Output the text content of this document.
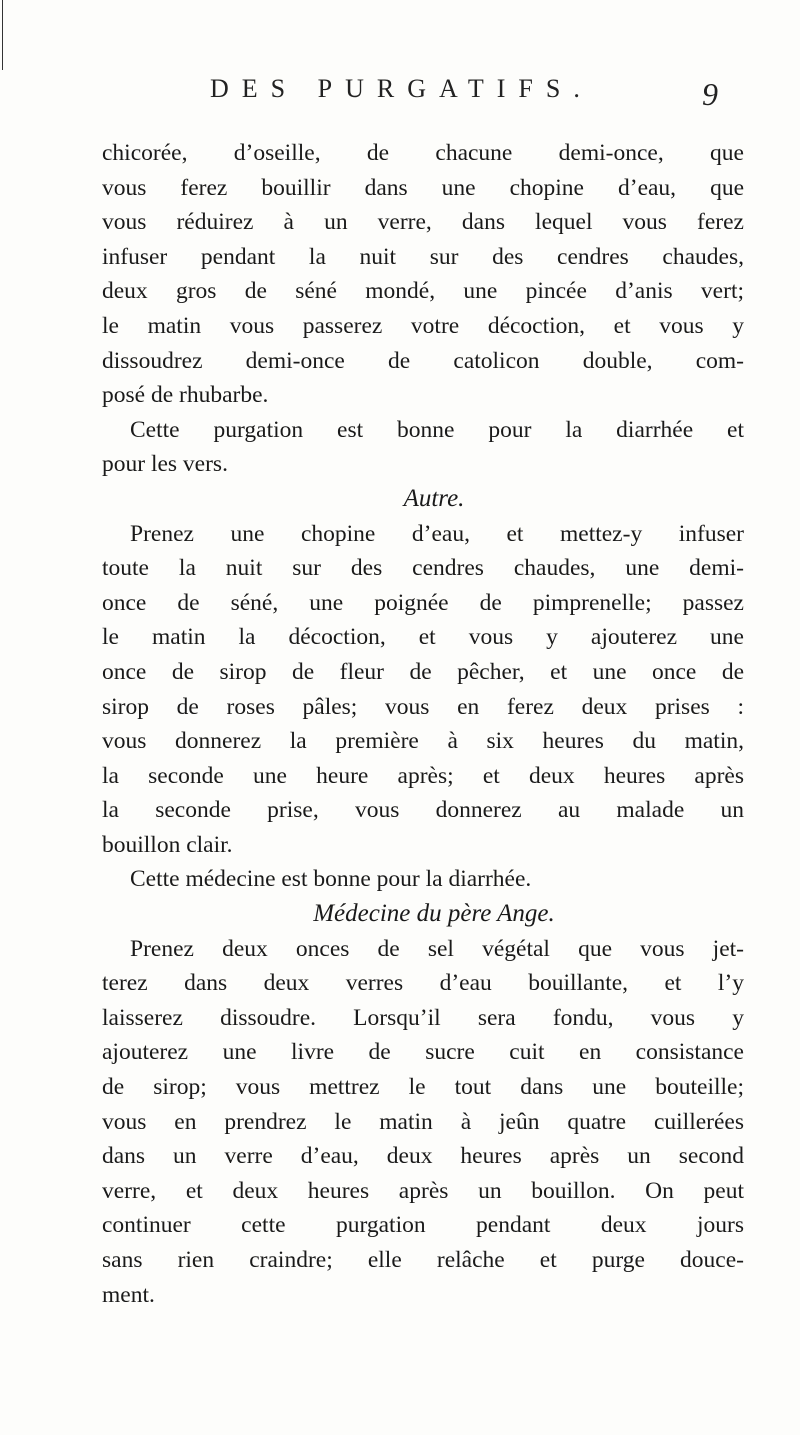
DES PURGATIFS.	9
chicorée, d’oseille, de chacune demi-once, que
vous ferez bouillir dans une chopine d’eau, que
vous réduirez à un verre, dans lequel vous ferez
infuser pendant la nuit sur des cendres chaudes,
deux gros de séné mondé, une pincée d’anis vert;
le matin vous passerez votre décoction, et vous y
dissoudrez demi-once de catolicon double, com-
posé de rhubarbe.
Cette purgation est bonne pour la diarrhée et
pour les vers.
Autre.
Prenez une chopine d’eau, et mettez-y infuser
toute la nuit sur des cendres chaudes, une demi-
once de séné, une poignée de pimprenelle; passez
le matin la décoction, et vous y ajouterez une
once de sirop de fleur de pêcher, et une once de
sirop de roses pâles; vous en ferez deux prises :
vous donnerez la première à six heures du matin,
la seconde une heure après; et deux heures après
la seconde prise, vous donnerez au malade un
bouillon clair.
Cette médecine est bonne pour la diarrhée.
Médecine du père Ange.
Prenez deux onces de sel végétal que vous jet-
terez dans deux verres d’eau bouillante, et l’y
laisserez dissoudre. Lorsqu’il sera fondu, vous y
ajouterez une livre de sucre cuit en consistance
de sirop; vous mettrez le tout dans une bouteille;
vous en prendrez le matin à jeûn quatre cuillerées
dans un verre d’eau, deux heures après un second
verre, et deux heures après un bouillon. On peut
continuer cette purgation pendant deux jours
sans rien craindre; elle relâche et purge douce-
ment.
